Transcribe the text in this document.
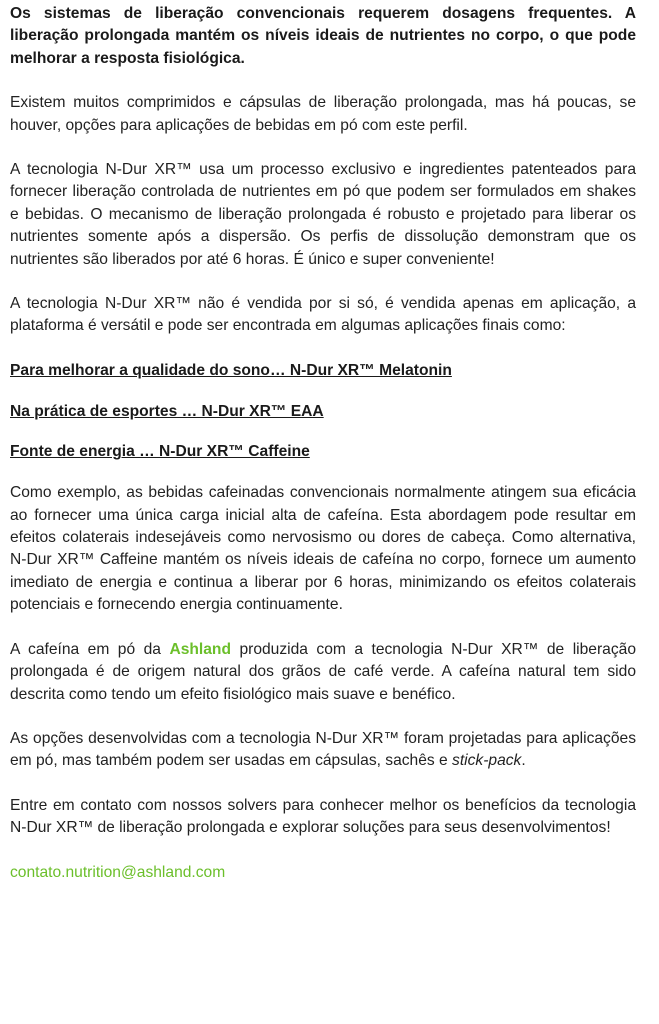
Os sistemas de liberação convencionais requerem dosagens frequentes. A liberação prolongada mantém os níveis ideais de nutrientes no corpo, o que pode melhorar a resposta fisiológica.

Existem muitos comprimidos e cápsulas de liberação prolongada, mas há poucas, se houver, opções para aplicações de bebidas em pó com este perfil.

A tecnologia N-Dur XR™ usa um processo exclusivo e ingredientes patenteados para fornecer liberação controlada de nutrientes em pó que podem ser formulados em shakes e bebidas. O mecanismo de liberação prolongada é robusto e projetado para liberar os nutrientes somente após a dispersão. Os perfis de dissolução demonstram que os nutrientes são liberados por até 6 horas. É único e super conveniente!

A tecnologia N-Dur XR™ não é vendida por si só, é vendida apenas em aplicação, a plataforma é versátil e pode ser encontrada em algumas aplicações finais como:

Para melhorar a qualidade do sono… N-Dur XR™ Melatonin

Na prática de esportes … N-Dur XR™ EAA

Fonte de energia … N-Dur XR™ Caffeine

Como exemplo, as bebidas cafeinadas convencionais normalmente atingem sua eficácia ao fornecer uma única carga inicial alta de cafeína. Esta abordagem pode resultar em efeitos colaterais indesejáveis como nervosismo ou dores de cabeça. Como alternativa, N-Dur XR™ Caffeine mantém os níveis ideais de cafeína no corpo, fornece um aumento imediato de energia e continua a liberar por 6 horas, minimizando os efeitos colaterais potenciais e fornecendo energia continuamente.

A cafeína em pó da Ashland produzida com a tecnologia N-Dur XR™ de liberação prolongada é de origem natural dos grãos de café verde. A cafeína natural tem sido descrita como tendo um efeito fisiológico mais suave e benéfico.

As opções desenvolvidas com a tecnologia N-Dur XR™ foram projetadas para aplicações em pó, mas também podem ser usadas em cápsulas, sachês e stick-pack.

Entre em contato com nossos solvers para conhecer melhor os benefícios da tecnologia N-Dur XR™ de liberação prolongada e explorar soluções para seus desenvolvimentos!

contato.nutrition@ashland.com
